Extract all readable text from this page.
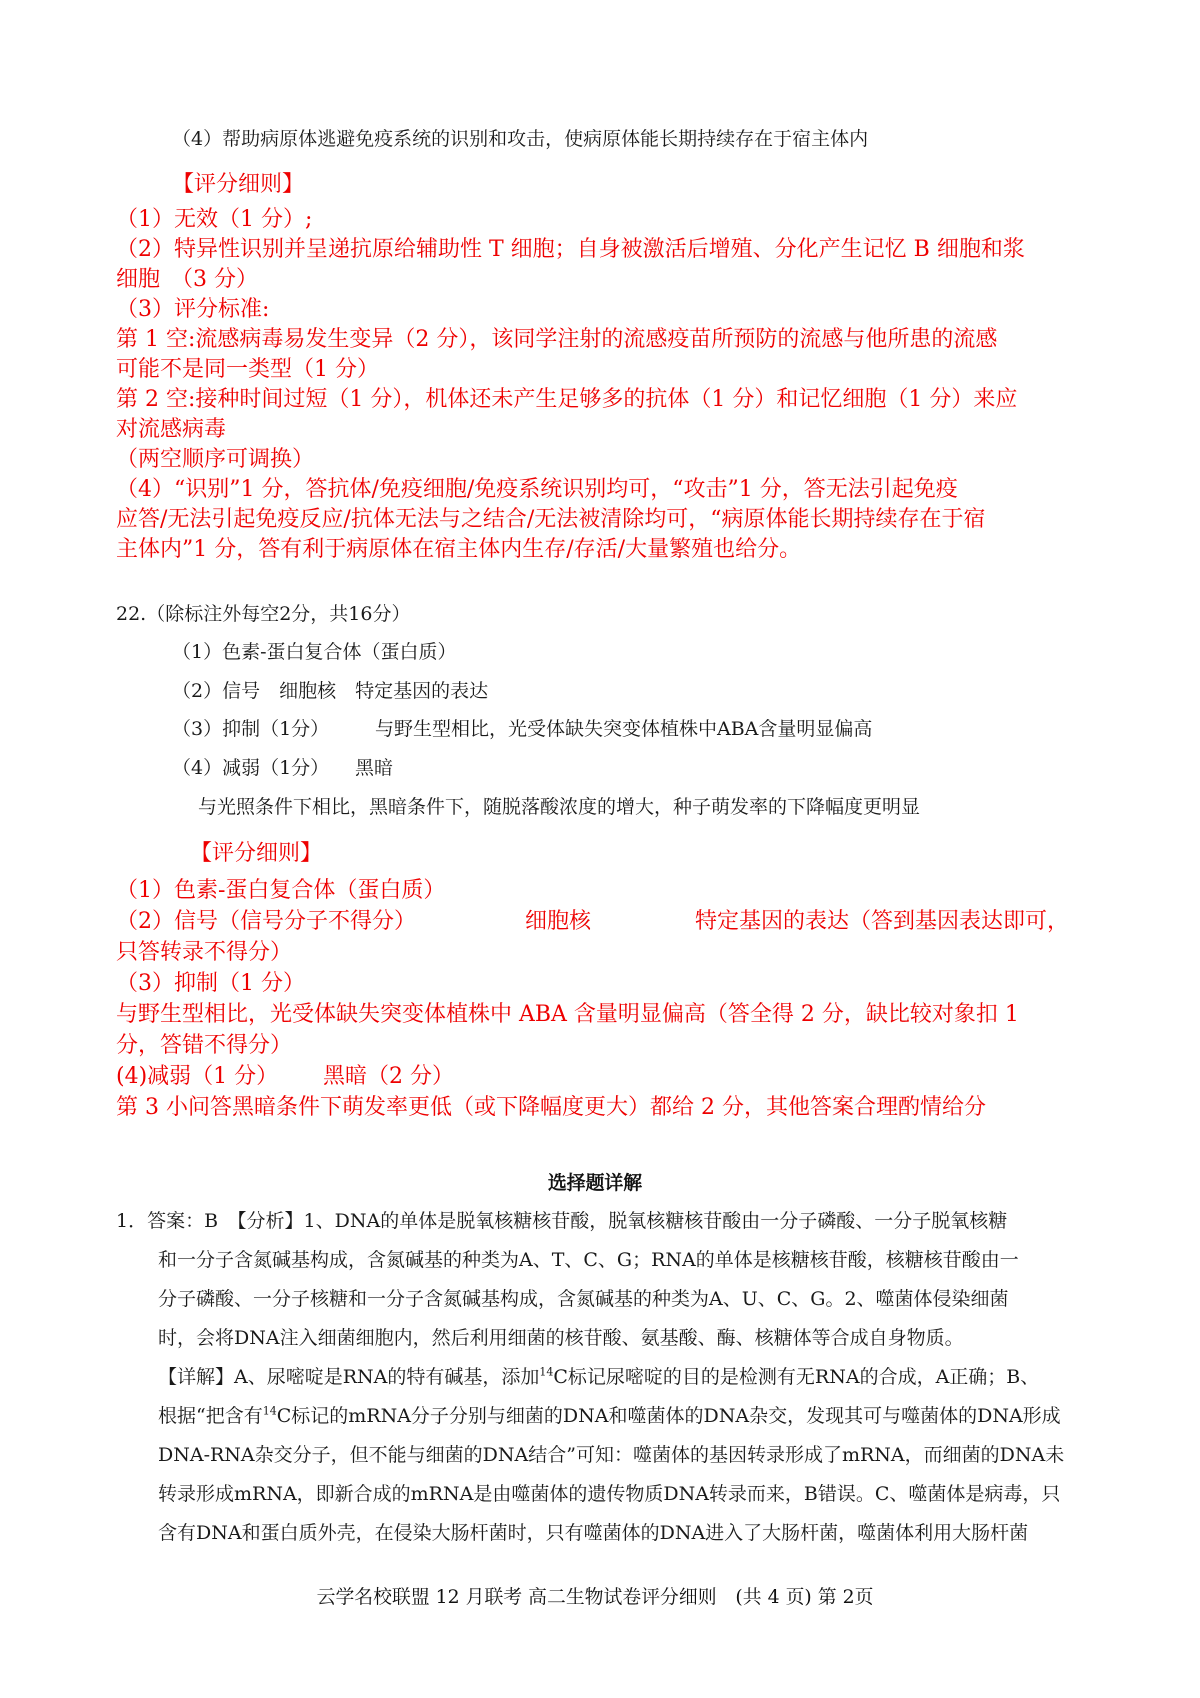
（4）帮助病原体逃避免疫系统的识别和攻击，使病原体能长期持续存在于宿主体内
【评分细则】
（1）无效（1 分）;
（2）特异性识别并呈递抗原给辅助性 T 细胞；自身被激活后增殖、分化产生记忆 B 细胞和浆
细胞　（3 分）
（3）评分标准:
第 1 空:流感病毒易发生变异（2 分），该同学注射的流感疫苗所预防的流感与他所患的流感
可能不是同一类型（1 分）
第 2 空:接种时间过短（1 分），机体还未产生足够多的抗体（1 分）和记忆细胞（1 分）来应
对流感病毒
（两空顺序可调换）
（4）“识别”1 分，答抗体/免疫细胞/免疫系统识别均可，“攻击”1 分，答无法引起免疫
应答/无法引起免疫反应/抗体无法与之结合/无法被清除均可，“病原体能长期持续存在于宿
主体内”1 分，答有利于病原体在宿主体内生存/存活/大量繁殖也给分。
22.（除标注外每空2分，共16分）
（1）色素-蛋白复合体（蛋白质）
（2）信号　细胞核　特定基因的表达
（3）抑制（1分） 与野生型相比，光受体缺失突变体植株中ABA含量明显偏高
（4）减弱（1分） 黑暗
与光照条件下相比，黑暗条件下，随脱落酸浓度的增大，种子萌发率的下降幅度更明显
【评分细则】
（1）色素-蛋白复合体（蛋白质）
（2）信号（信号分子不得分）	细胞核	特定基因的表达（答到基因表达即可，
只答转录不得分）
（3）抑制（1 分）
与野生型相比，光受体缺失突变体植株中 ABA 含量明显偏高（答全得 2 分，缺比较对象扣 1
分，答错不得分）
(4)减弱（1 分） 黑暗（2 分）
第 3 小问答黑暗条件下萌发率更低（或下降幅度更大）都给 2 分，其他答案合理酌情给分
选择题详解
1．答案：B　【分析】1、DNA的单体是脱氧核糖核苷酸，脱氧核糖核苷酸由一分子磷酸、一分子脱氧核糖
和一分子含氮碱基构成，含氮碱基的种类为A、T、C、G；RNA的单体是核糖核苷酸，核糖核苷酸由一
分子磷酸、一分子核糖和一分子含氮碱基构成，含氮碱基的种类为A、U、C、G。2、噬菌体侵染细菌
时，会将DNA注入细菌细胞内，然后利用细菌的核苷酸、氨基酸、酶、核糖体等合成自身物质。
【详解】A、尿嘧啶是RNA的特有碱基，添加$^{14}$C标记尿嘧啶的目的是检测有无RNA的合成，A正确；B、
根据“把含有$^{14}$C标记的mRNA分子分别与细菌的DNA和噬菌体的DNA杂交，发现其可与噬菌体的DNA形成
DNA-RNA杂交分子，但不能与细菌的DNA结合”可知：噬菌体的基因转录形成了mRNA，而细菌的DNA未
转录形成mRNA，即新合成的mRNA是由噬菌体的遗传物质DNA转录而来，B错误。C、噬菌体是病毒，只
含有DNA和蛋白质外壳，在侵染大肠杆菌时，只有噬菌体的DNA进入了大肠杆菌，噬菌体利用大肠杆菌
云学名校联盟 12 月联考 高二生物试卷评分细则　(共 4 页) 第 2页
